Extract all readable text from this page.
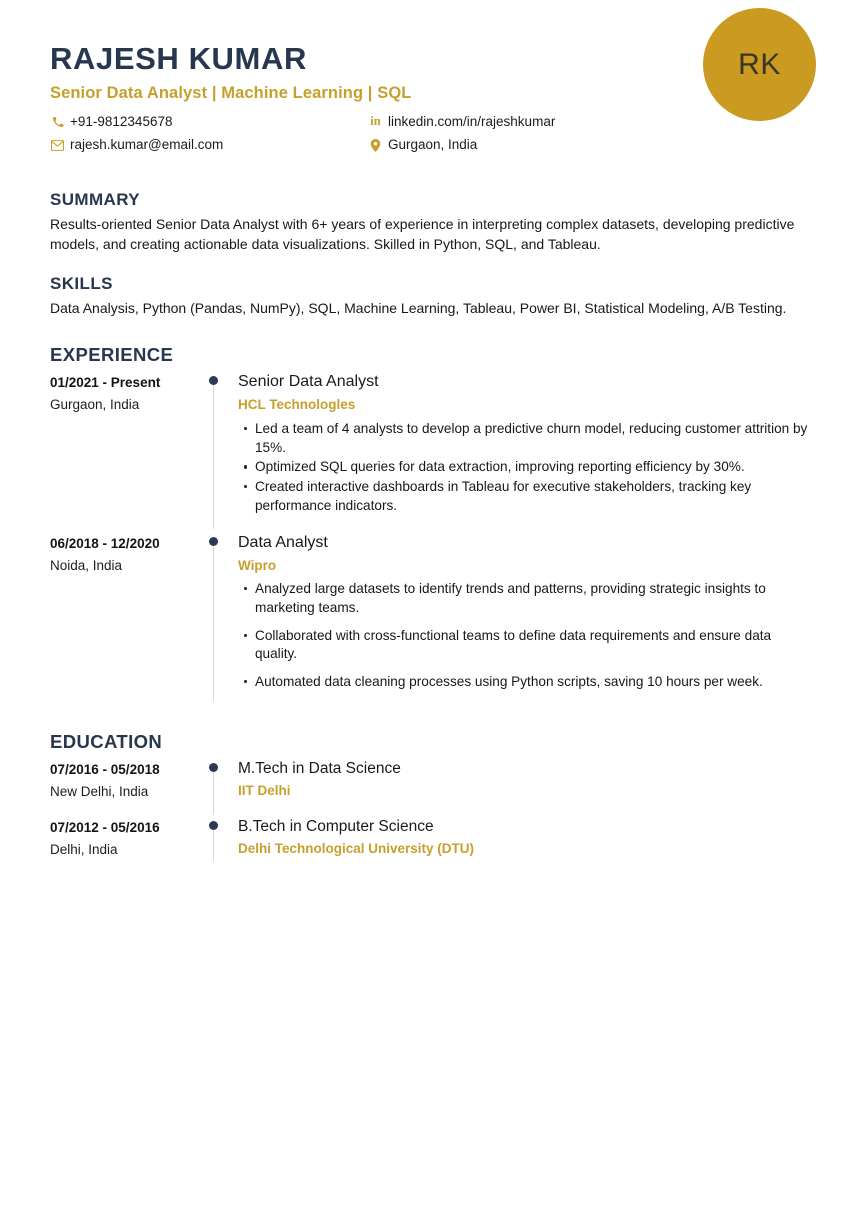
RAJESH KUMAR
Senior Data Analyst | Machine Learning | SQL
+91-9812345678
rajesh.kumar@email.com
in linkedin.com/in/rajeshkumar
Gurgaon, India
RK
SUMMARY
Results-oriented Senior Data Analyst with 6+ years of experience in interpreting complex datasets, developing predictive models, and creating actionable data visualizations. Skilled in Python, SQL, and Tableau.
SKILLS
Data Analysis, Python (Pandas, NumPy), SQL, Machine Learning, Tableau, Power BI, Statistical Modeling, A/B Testing.
EXPERIENCE
01/2021 - Present
Gurgaon, India
Senior Data Analyst
HCL Technologles
Led a team of 4 analysts to develop a predictive churn model, reducing customer attrition by 15%.
Optimized SQL queries for data extraction, improving reporting efficiency by 30%.
Created interactive dashboards in Tableau for executive stakeholders, tracking key performance indicators.
06/2018 - 12/2020
Noida, India
Data Analyst
Wipro
Analyzed large datasets to identify trends and patterns, providing strategic insights to marketing teams.
Collaborated with cross-functional teams to define data requirements and ensure data quality.
Automated data cleaning processes using Python scripts, saving 10 hours per week.
EDUCATION
07/2016 - 05/2018
New Delhi, India
M.Tech in Data Science
IIT Delhi
07/2012 - 05/2016
Delhi, India
B.Tech in Computer Science
Delhi Technological University (DTU)
